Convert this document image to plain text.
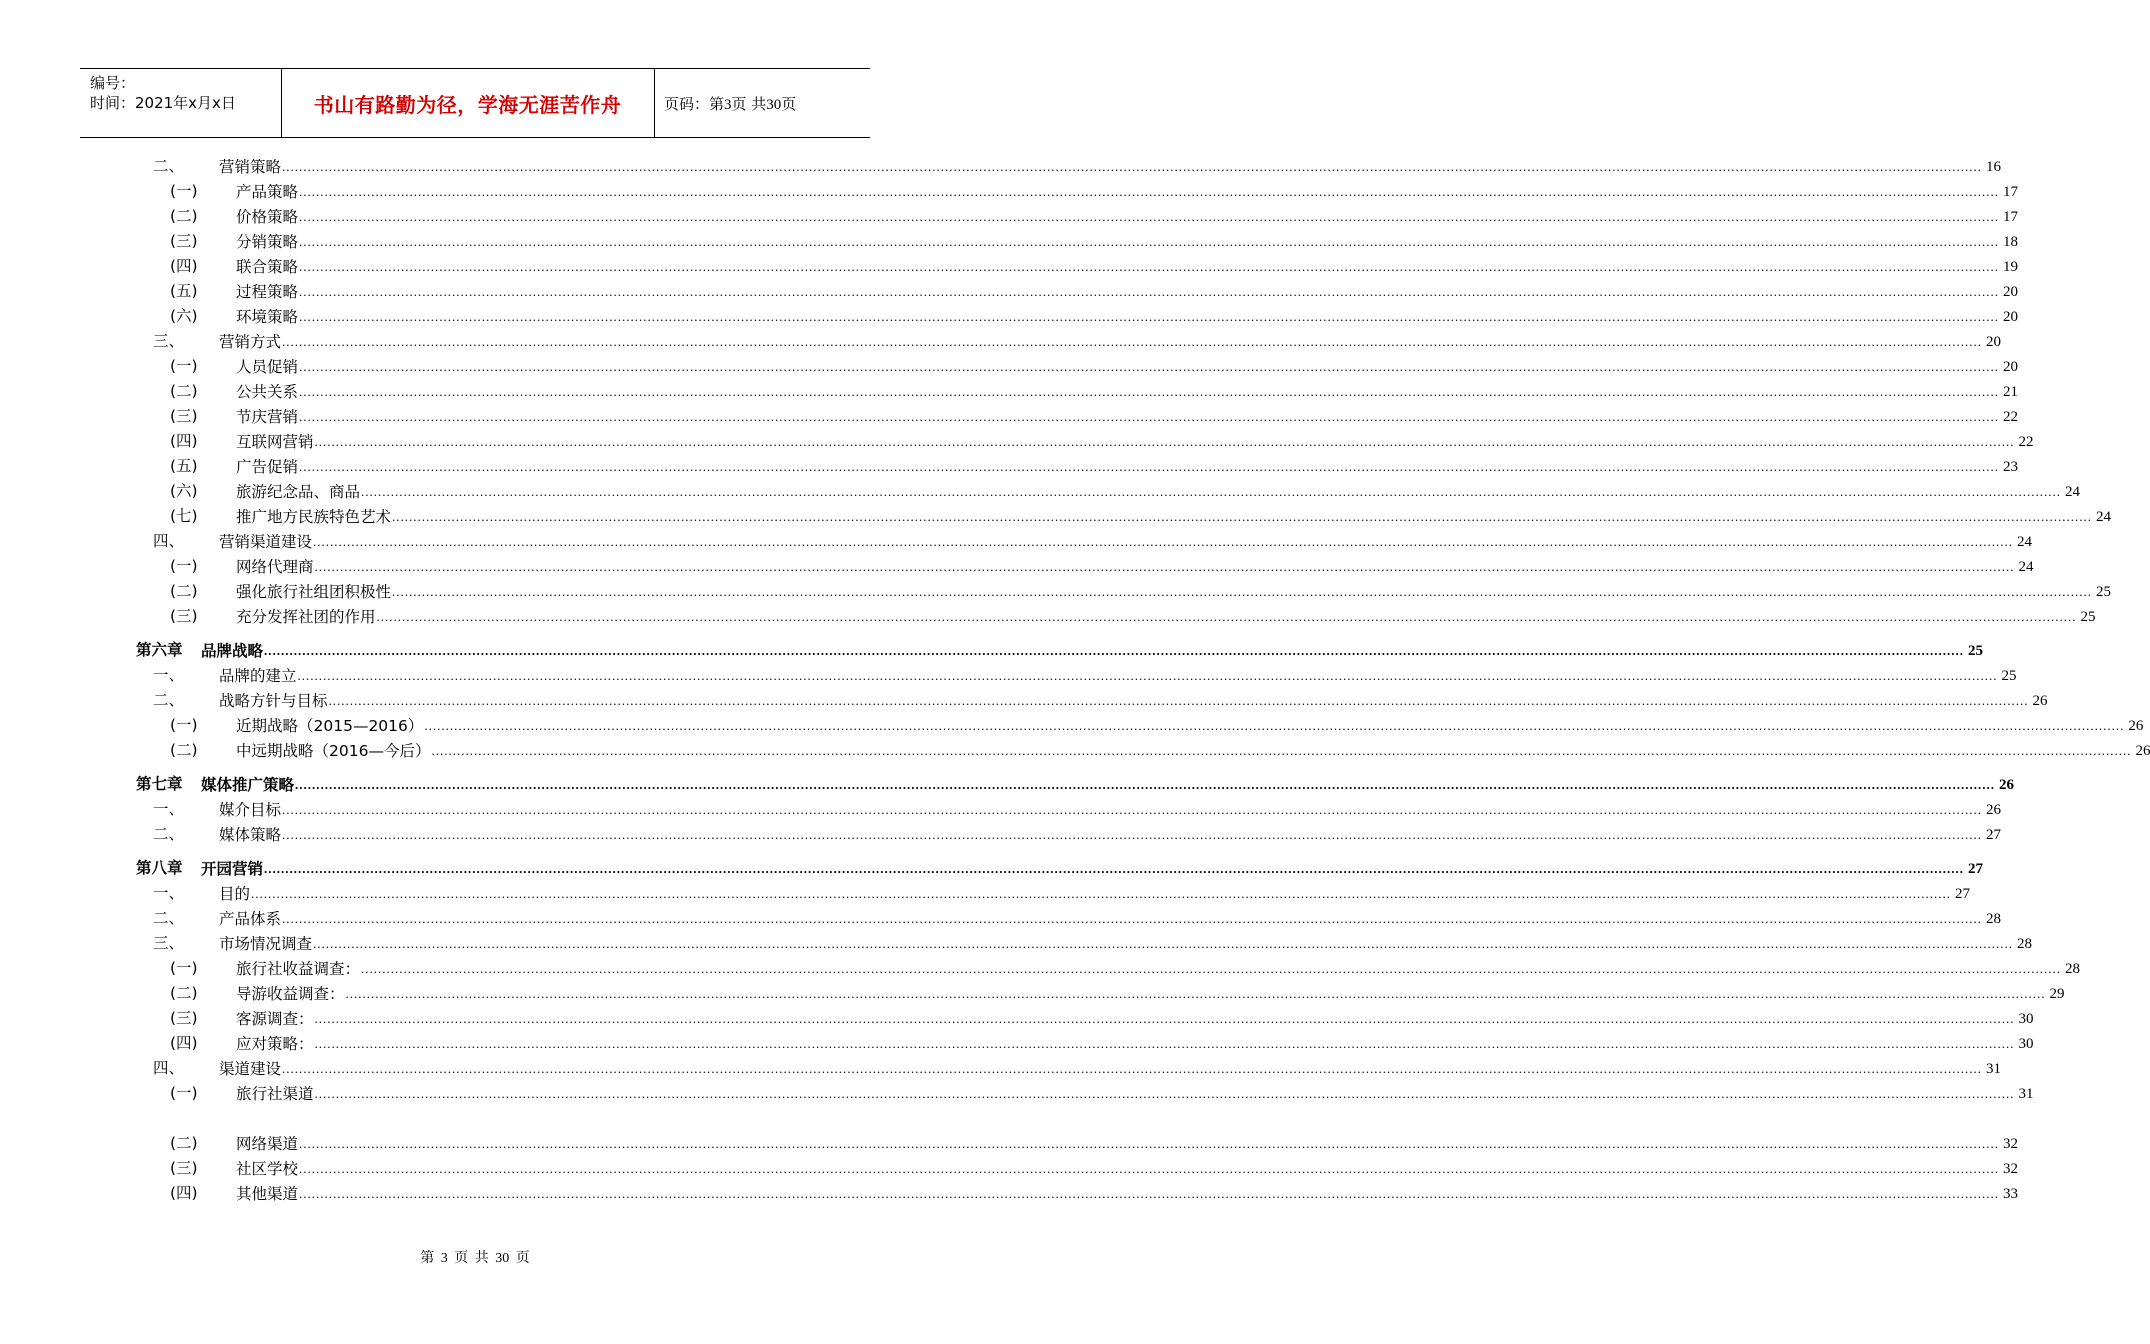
编号：
时间：2021年x月x日	书山有路勤为径，学海无涯苦作舟	页码：第3页 共30页
二、 营销策略 ................................................................................................................................................................................................................................................................................................................................................................................................................ 16
(一) 产品策略 ................................................................................................................................................................................................................................................................................................................................................................................................................ 17
(二) 价格策略 ................................................................................................................................................................................................................................................................................................................................................................................................................ 17
(三) 分销策略 ................................................................................................................................................................................................................................................................................................................................................................................................................ 18
(四) 联合策略 ................................................................................................................................................................................................................................................................................................................................................................................................................ 19
(五) 过程策略 ................................................................................................................................................................................................................................................................................................................................................................................................................ 20
(六) 环境策略 ................................................................................................................................................................................................................................................................................................................................................................................................................ 20
三、 营销方式 ................................................................................................................................................................................................................................................................................................................................................................................................................ 20
(一) 人员促销 ................................................................................................................................................................................................................................................................................................................................................................................................................ 20
(二) 公共关系 ................................................................................................................................................................................................................................................................................................................................................................................................................ 21
(三) 节庆营销 ................................................................................................................................................................................................................................................................................................................................................................................................................ 22
(四) 互联网营销 ................................................................................................................................................................................................................................................................................................................................................................................................................ 22
(五) 广告促销 ................................................................................................................................................................................................................................................................................................................................................................................................................ 23
(六) 旅游纪念品、商品 ................................................................................................................................................................................................................................................................................................................................................................................................................ 24
(七) 推广地方民族特色艺术 ................................................................................................................................................................................................................................................................................................................................................................................................................ 24
四、 营销渠道建设 ................................................................................................................................................................................................................................................................................................................................................................................................................ 24
(一) 网络代理商 ................................................................................................................................................................................................................................................................................................................................................................................................................ 24
(二) 强化旅行社组团积极性 ................................................................................................................................................................................................................................................................................................................................................................................................................ 25
(三) 充分发挥社团的作用 ................................................................................................................................................................................................................................................................................................................................................................................................................ 25
第六章 品牌战略 ................................................................................................................................................................................................................................................................................................................................................................................................................ 25
一、 品牌的建立 ................................................................................................................................................................................................................................................................................................................................................................................................................ 25
二、 战略方针与目标 ................................................................................................................................................................................................................................................................................................................................................................................................................ 26
(一) 近期战略（2015—2016） ................................................................................................................................................................................................................................................................................................................................................................................................................ 26
(二) 中远期战略（2016—今后） ................................................................................................................................................................................................................................................................................................................................................................................................................ 26
第七章 媒体推广策略 ................................................................................................................................................................................................................................................................................................................................................................................................................ 26
一、 媒介目标 ................................................................................................................................................................................................................................................................................................................................................................................................................ 26
二、 媒体策略 ................................................................................................................................................................................................................................................................................................................................................................................................................ 27
第八章 开园营销 ................................................................................................................................................................................................................................................................................................................................................................................................................ 27
一、 目的 ................................................................................................................................................................................................................................................................................................................................................................................................................ 27
二、 产品体系 ................................................................................................................................................................................................................................................................................................................................................................................................................ 28
三、 市场情况调查 ................................................................................................................................................................................................................................................................................................................................................................................................................ 28
(一) 旅行社收益调查： ................................................................................................................................................................................................................................................................................................................................................................................................................ 28
(二) 导游收益调查： ................................................................................................................................................................................................................................................................................................................................................................................................................ 29
(三) 客源调查： ................................................................................................................................................................................................................................................................................................................................................................................................................ 30
(四) 应对策略： ................................................................................................................................................................................................................................................................................................................................................................................................................ 30
四、 渠道建设 ................................................................................................................................................................................................................................................................................................................................................................................................................ 31
(一) 旅行社渠道 ................................................................................................................................................................................................................................................................................................................................................................................................................ 31
(二) 网络渠道 ................................................................................................................................................................................................................................................................................................................................................................................................................ 32
(三) 社区学校 ................................................................................................................................................................................................................................................................................................................................................................................................................ 32
(四) 其他渠道 ................................................................................................................................................................................................................................................................................................................................................................................................................ 33
第 3 页 共 30 页
